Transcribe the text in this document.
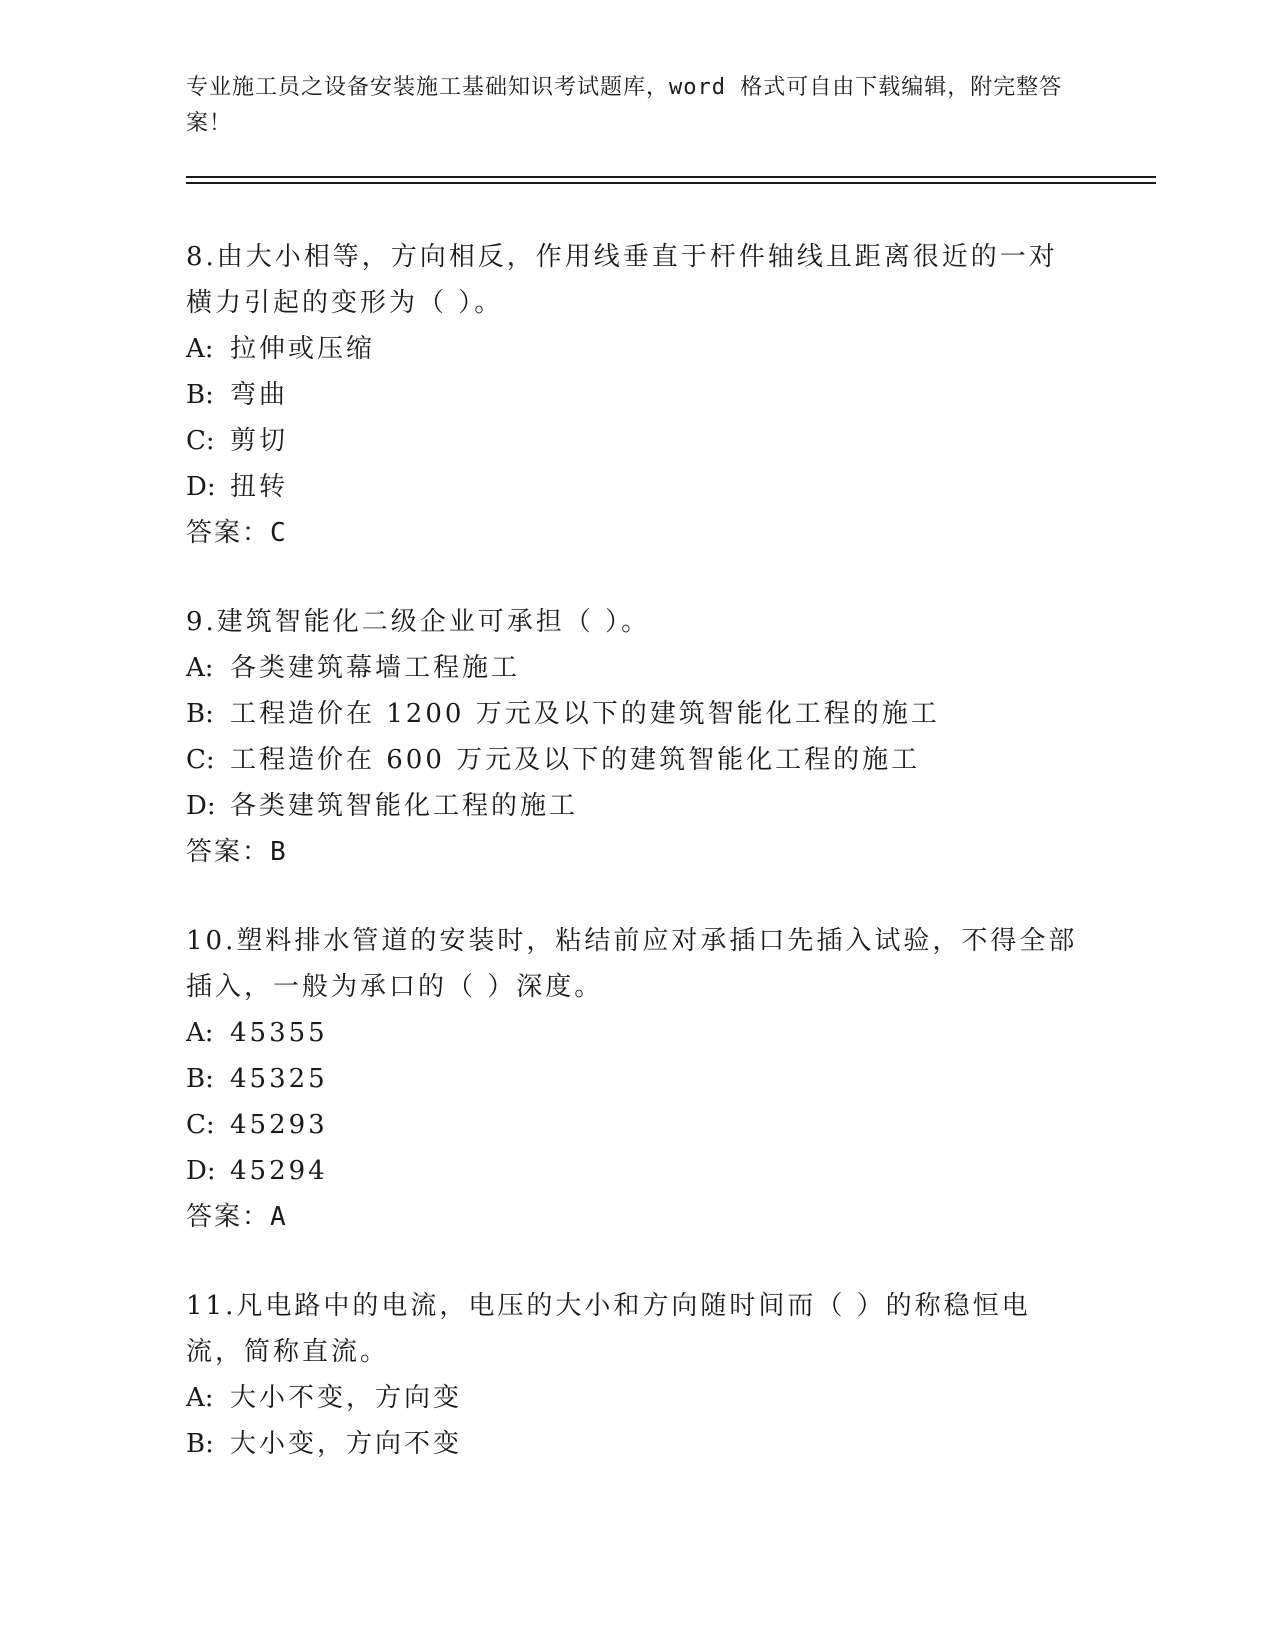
专业施工员之设备安装施工基础知识考试题库，word 格式可自由下载编辑，附完整答案！
8.由大小相等，方向相反，作用线垂直于杆件轴线且距离很近的一对横力引起的变形为（ ）。
A: 拉伸或压缩
B: 弯曲
C: 剪切
D: 扭转
答案：C
9.建筑智能化二级企业可承担（ ）。
A: 各类建筑幕墙工程施工
B: 工程造价在 1200 万元及以下的建筑智能化工程的施工
C: 工程造价在 600 万元及以下的建筑智能化工程的施工
D: 各类建筑智能化工程的施工
答案：B
10.塑料排水管道的安装时，粘结前应对承插口先插入试验，不得全部插入，一般为承口的（ ）深度。
A: 45355
B: 45325
C: 45293
D: 45294
答案：A
11.凡电路中的电流，电压的大小和方向随时间而（ ）的称稳恒电流，简称直流。
A: 大小不变，方向变
B: 大小变，方向不变
